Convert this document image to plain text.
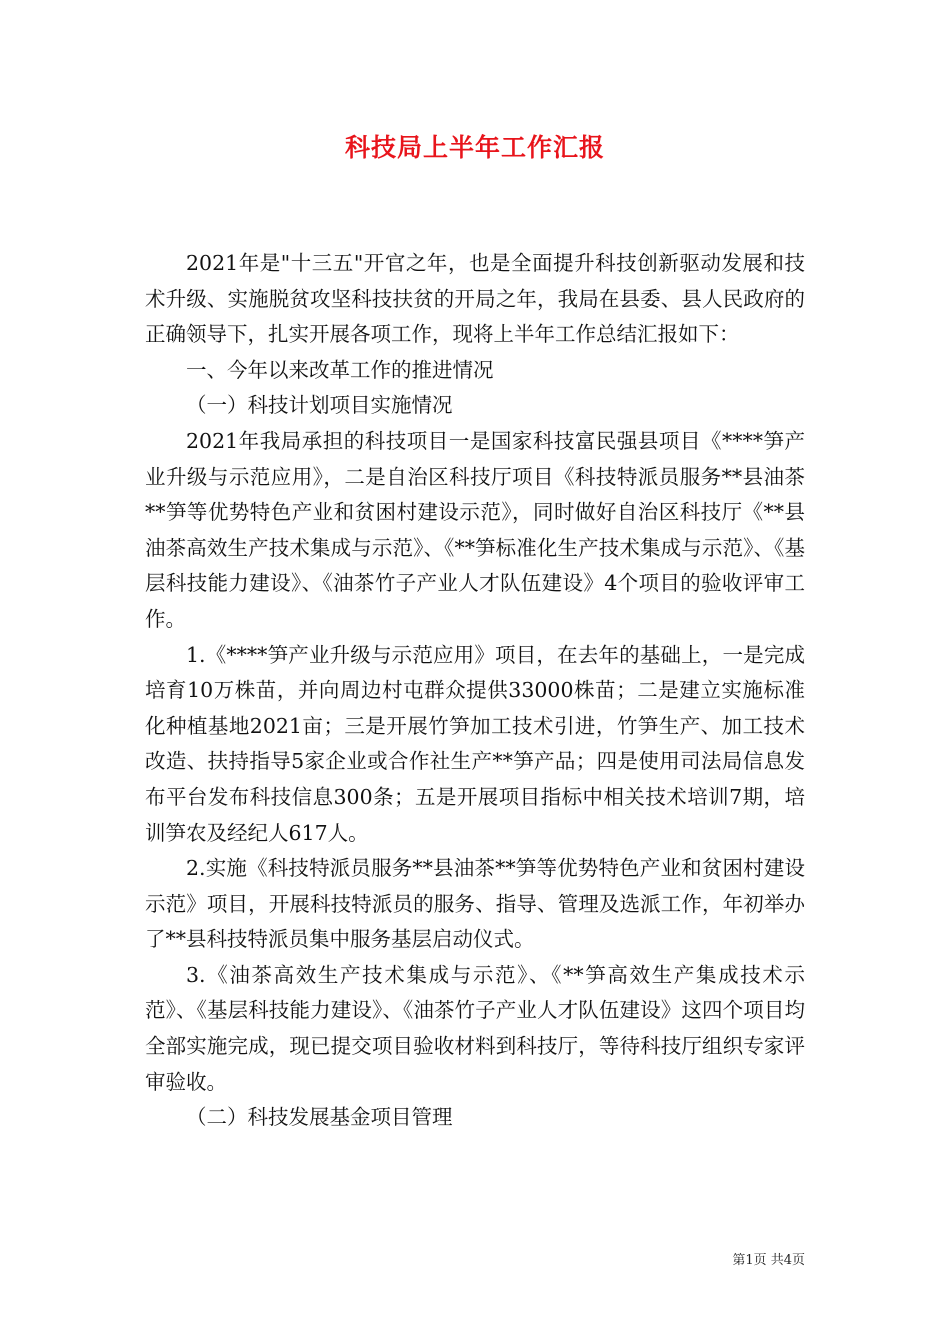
科技局上半年工作汇报

2021年是"十三五"开官之年，也是全面提升科技创新驱动发展和技术升级、实施脱贫攻坚科技扶贫的开局之年，我局在县委、县人民政府的正确领导下，扎实开展各项工作，现将上半年工作总结汇报如下：

一、今年以来改革工作的推进情况

（一）科技计划项目实施情况

2021年我局承担的科技项目一是国家科技富民强县项目《****笋产业升级与示范应用》，二是自治区科技厅项目《科技特派员服务**县油茶**笋等优势特色产业和贫困村建设示范》，同时做好自治区科技厅《**县油茶高效生产技术集成与示范》、《**笋标准化生产技术集成与示范》、《基层科技能力建设》、《油茶竹子产业人才队伍建设》4个项目的验收评审工作。

1.《****笋产业升级与示范应用》项目，在去年的基础上，一是完成培育10万株苗，并向周边村屯群众提供33000株苗；二是建立实施标准化种植基地2021亩；三是开展竹笋加工技术引进，竹笋生产、加工技术改造、扶持指导5家企业或合作社生产**笋产品；四是使用司法局信息发布平台发布科技信息300条；五是开展项目指标中相关技术培训7期，培训笋农及经纪人617人。

2.实施《科技特派员服务**县油茶**笋等优势特色产业和贫困村建设示范》项目，开展科技特派员的服务、指导、管理及选派工作，年初举办了**县科技特派员集中服务基层启动仪式。

3.《油茶高效生产技术集成与示范》、《**笋高效生产集成技术示范》、《基层科技能力建设》、《油茶竹子产业人才队伍建设》这四个项目均全部实施完成，现已提交项目验收材料到科技厅，等待科技厅组织专家评审验收。

（二）科技发展基金项目管理

第1页 共4页
